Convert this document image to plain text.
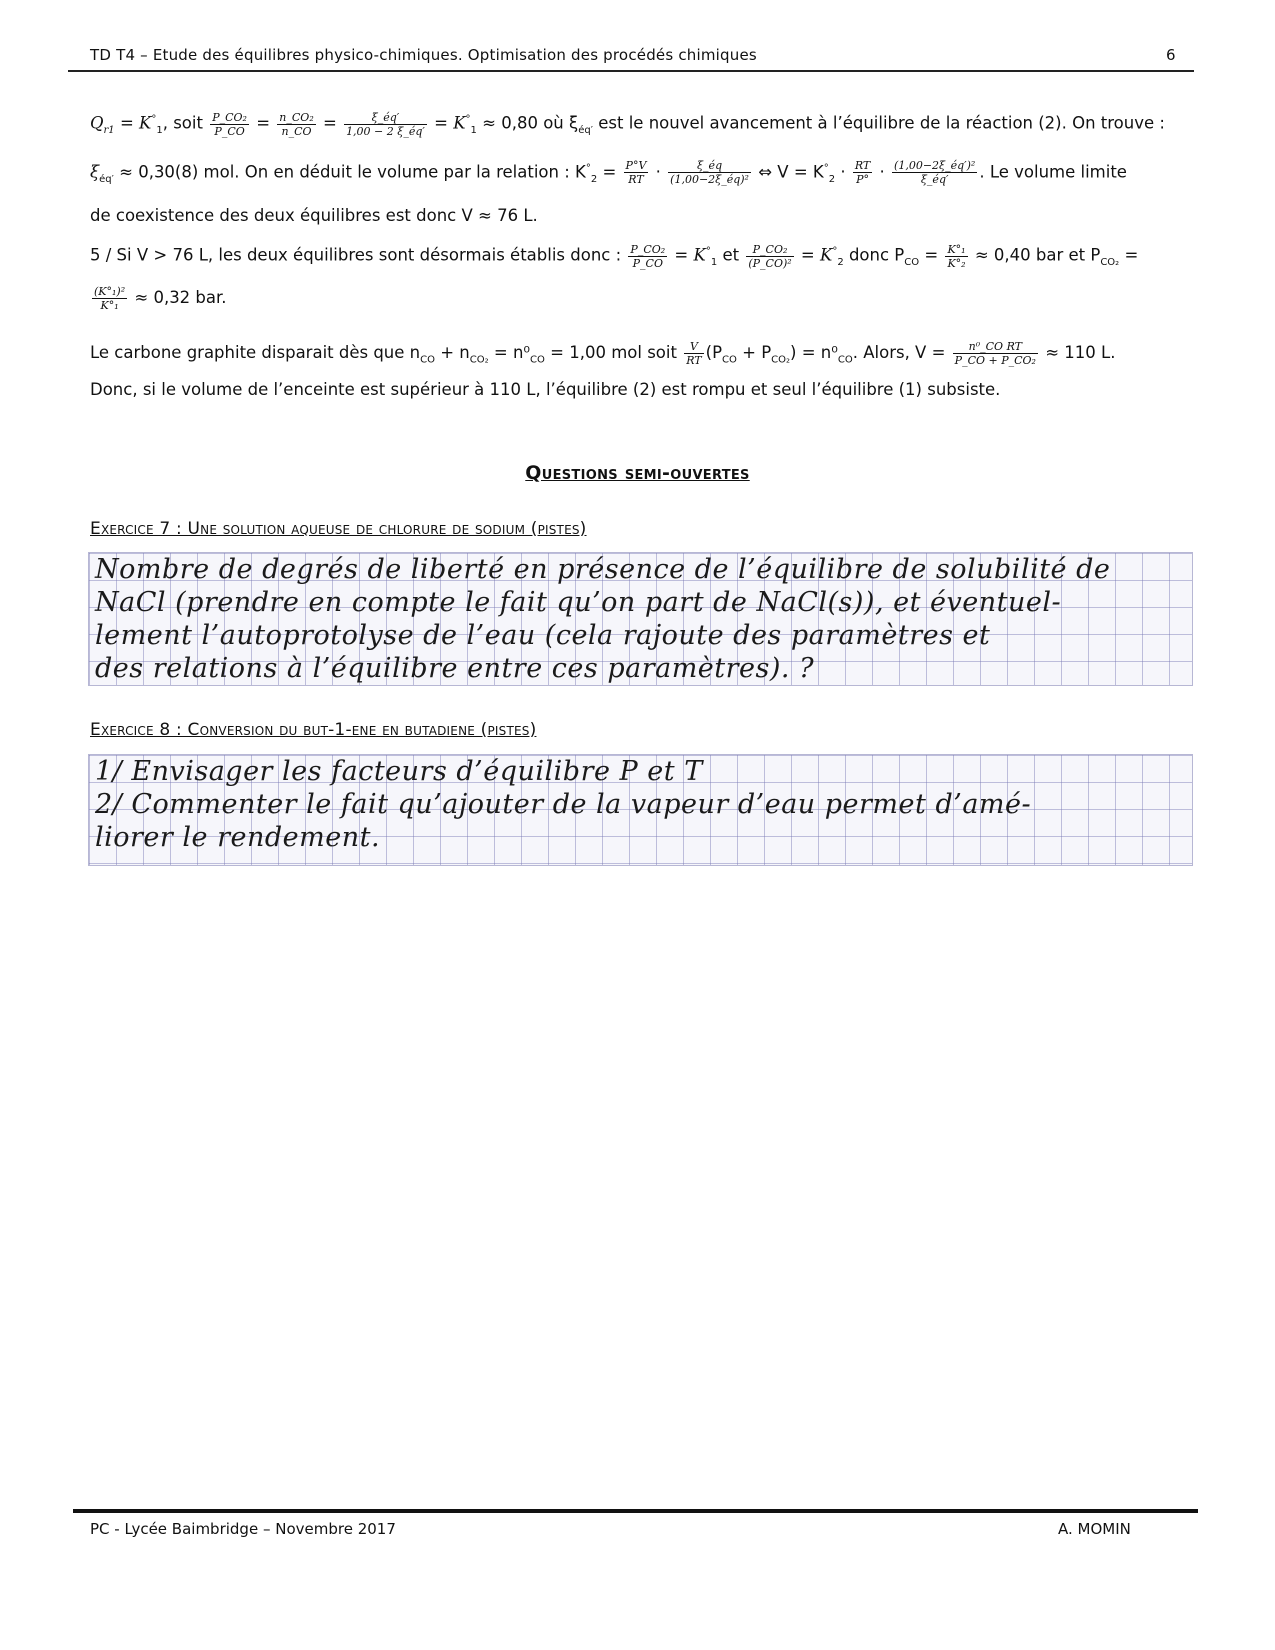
TD T4 – Etude des équilibres physico-chimiques. Optimisation des procédés chimiques	6

$Q_{r1} = K^\circ_1$, soit $\frac{\text{P\_CO₂}}{P\_CO} = \frac{\text{n\_CO₂}}{n\_CO} = \frac{\xi\_éq'}{1,00 - 2 \xi\_éq'} = K^\circ_1 \approx 0,80$ où $\xi_{éq'}$ est le nouvel avancement à l’équilibre de la réaction (2). On trouve :

$\xi_{éq'} \approx 0,30(8)$ mol. On en déduit le volume par la relation : $K^\circ_2 = \frac{P^\circ V}{RT} \cdot \frac{\xi\_éq}{\text{(1,00−2ξ\_éq)²}}$ ⇔ $V = K^\circ_2 \cdot \frac{RT}{P^\circ} \cdot \frac{\text{(1,00−2ξ\_éq′)²}}{\xi\_éq'}$ . Le volume limite

de coexistence des deux équilibres est donc V ≈ 76 L.

5 / Si V > 76 L, les deux équilibres sont désormais établis donc : $\frac{\text{P\_CO₂}}{P\_CO} = K^\circ_1$ et $\frac{\text{P\_CO₂}}{\text{(P\_CO)²}} = K^\circ_2$ donc $P_{CO} = \frac{\text{K°₁}}{\text{K°₂}} \approx 0,40$ bar et $P_{CO_2}$ =

$\frac{\text{(K°₁)²}}{\text{K°₁}} \approx 0,32$ bar.

Le carbone graphite disparait dès que $n_{CO} + n_{CO_2} = n^0_{CO} = 1,00$ mol soit $\frac{V}{RT} (P_{CO} + P_{CO_2}) = n^0_{CO}$. Alors, $V = \frac{\text{n⁰\_CO RT}}{\text{P\_CO + P\_CO₂}} \approx 110$ L.

Donc, si le volume de l’enceinte est supérieur à 110 L, l’équilibre (2) est rompu et seul l’équilibre (1) subsiste.

Questions semi-ouvertes
Exercice 7 : Une solution aqueuse de chlorure de sodium (pistes)
Nombre de degrés de liberté en présence de l’équilibre de solubilité de
NaCl (prendre en compte le fait qu’on part de NaCl(s)), et éventuel-
lement l’autoprotolyse de l’eau (cela rajoute des paramètres et
des relations à l’équilibre entre ces paramètres). ?
Exercice 8 : Conversion du but-1-ene en butadiene (pistes)
1/ Envisager les facteurs d’équilibre P et T
2/ Commenter le fait qu’ajouter de la vapeur d’eau permet d’amé-
liorer le rendement.
PC - Lycée Baimbridge – Novembre 2017	A. MOMIN
